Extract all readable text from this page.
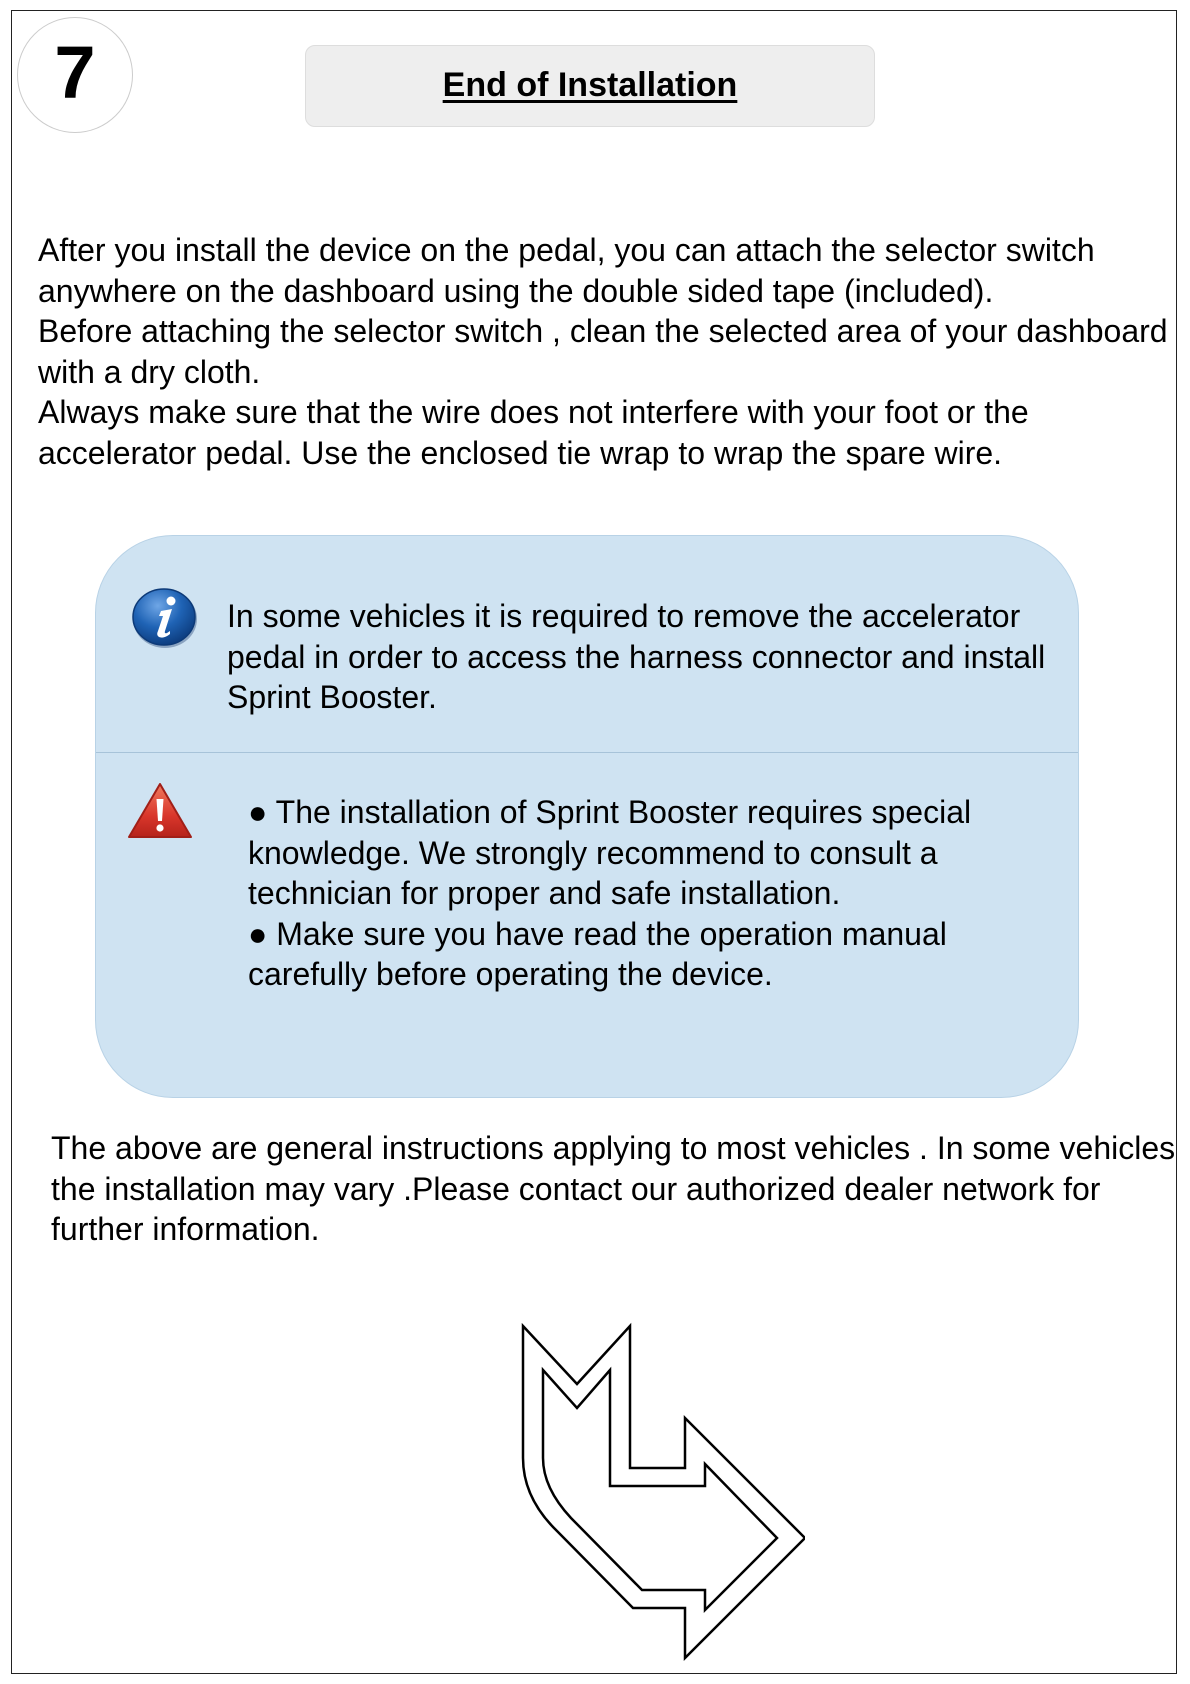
7	End of Installation

After you install the device on the pedal, you can attach the selector switch anywhere on the dashboard using the double sided tape (included).

Before attaching the selector switch , clean the selected area of your dashboard with a dry cloth.

Always make sure that the wire does not interfere with your foot or the accelerator pedal. Use the enclosed tie wrap to wrap the spare wire.

In some vehicles it is required to remove the accelerator pedal in order to access the harness connector and install Sprint Booster.

● The installation of Sprint Booster requires special knowledge. We strongly recommend to consult a technician for proper and safe installation.

● Make sure you have read the operation manual carefully before operating the device.

The above are general instructions applying to most vehicles . In some vehicles the installation may vary .Please contact our authorized dealer network for further information.
